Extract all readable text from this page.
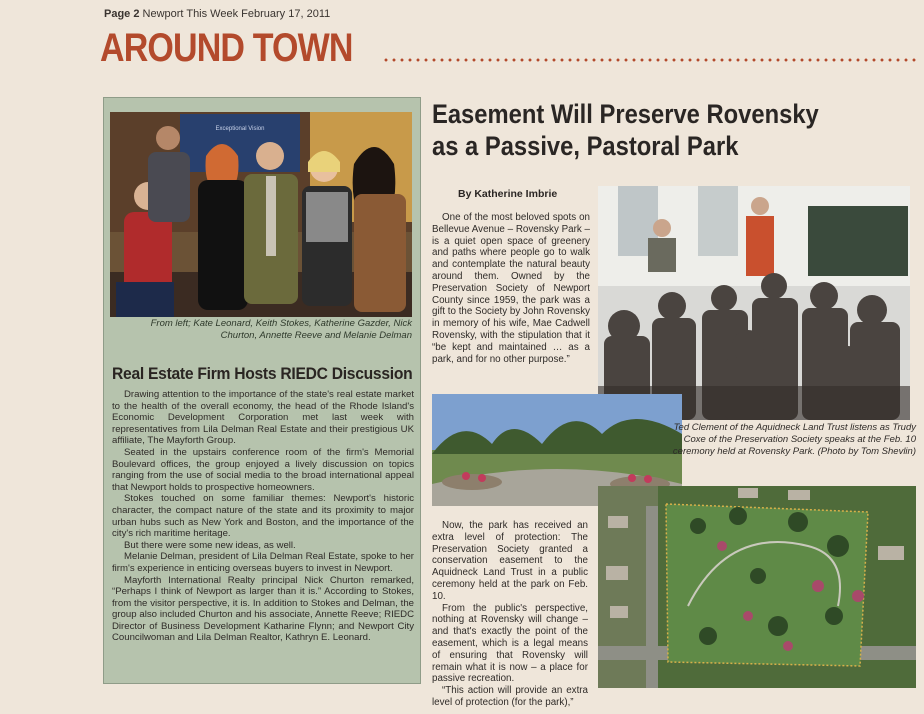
Page 2 Newport This Week February 17, 2011
AROUND TOWN
Exceptional Vision
From left; Kate Leonard, Keith Stokes, Katherine Gazder, Nick Churton, Annette Reeve and Melanie Delman
Real Estate Firm Hosts RIEDC Discussion

Drawing attention to the importance of the state's real estate market to the health of the overall economy, the head of the Rhode Island's Economic Development Corporation met last week with representatives from Lila Delman Real Estate and their prestigious UK affiliate, The Mayforth Group.

Seated in the upstairs conference room of the firm's Memorial Boulevard offices, the group enjoyed a lively discussion on topics ranging from the use of social media to the broad international appeal that Newport holds to prospective homeowners.

Stokes touched on some familiar themes: Newport's historic character, the compact nature of the state and its proximity to major urban hubs such as New York and Boston, and the importance of the city's rich maritime heritage.

But there were some new ideas, as well.

Melanie Delman, president of Lila Delman Real Estate, spoke to her firm's experience in enticing overseas buyers to invest in Newport.

Mayforth International Realty principal Nick Churton remarked, “Perhaps I think of Newport as larger than it is.” According to Stokes, from the visitor perspective, it is. In addition to Stokes and Delman, the group also included Churton and his associate, Annette Reeve; RIEDC Director of Business Development Katharine Flynn; and Newport City Councilwoman and Lila Delman Realtor, Kathryn E. Leonard.

Easement Will Preserve Rovensky as a Passive, Pastoral Park
By Katherine Imbrie

One of the most beloved spots on Bellevue Avenue – Rovensky Park – is a quiet open space of greenery and paths where people go to walk and contemplate the natural beauty around them. Owned by the Preservation Society of Newport County since 1959, the park was a gift to the Society by John Rovensky in memory of his wife, Mae Cadwell Rovensky, with the stipulation that it “be kept and maintained … as a park, and for no other purpose.”

Ted Clement of the Aquidneck Land Trust listens as Trudy Coxe of the Preservation Society speaks at the Feb. 10 ceremony held at Rovensky Park. (Photo by Tom Shevlin)

Now, the park has received an extra level of protection: The Preservation Society granted a conservation easement to the Aquidneck Land Trust in a public ceremony held at the park on Feb. 10.

From the public's perspective, nothing at Rovensky will change – and that's exactly the point of the easement, which is a legal means of ensuring that Rovensky will remain what it is now – a place for passive recreation.

“This action will provide an extra level of protection (for the park),”
